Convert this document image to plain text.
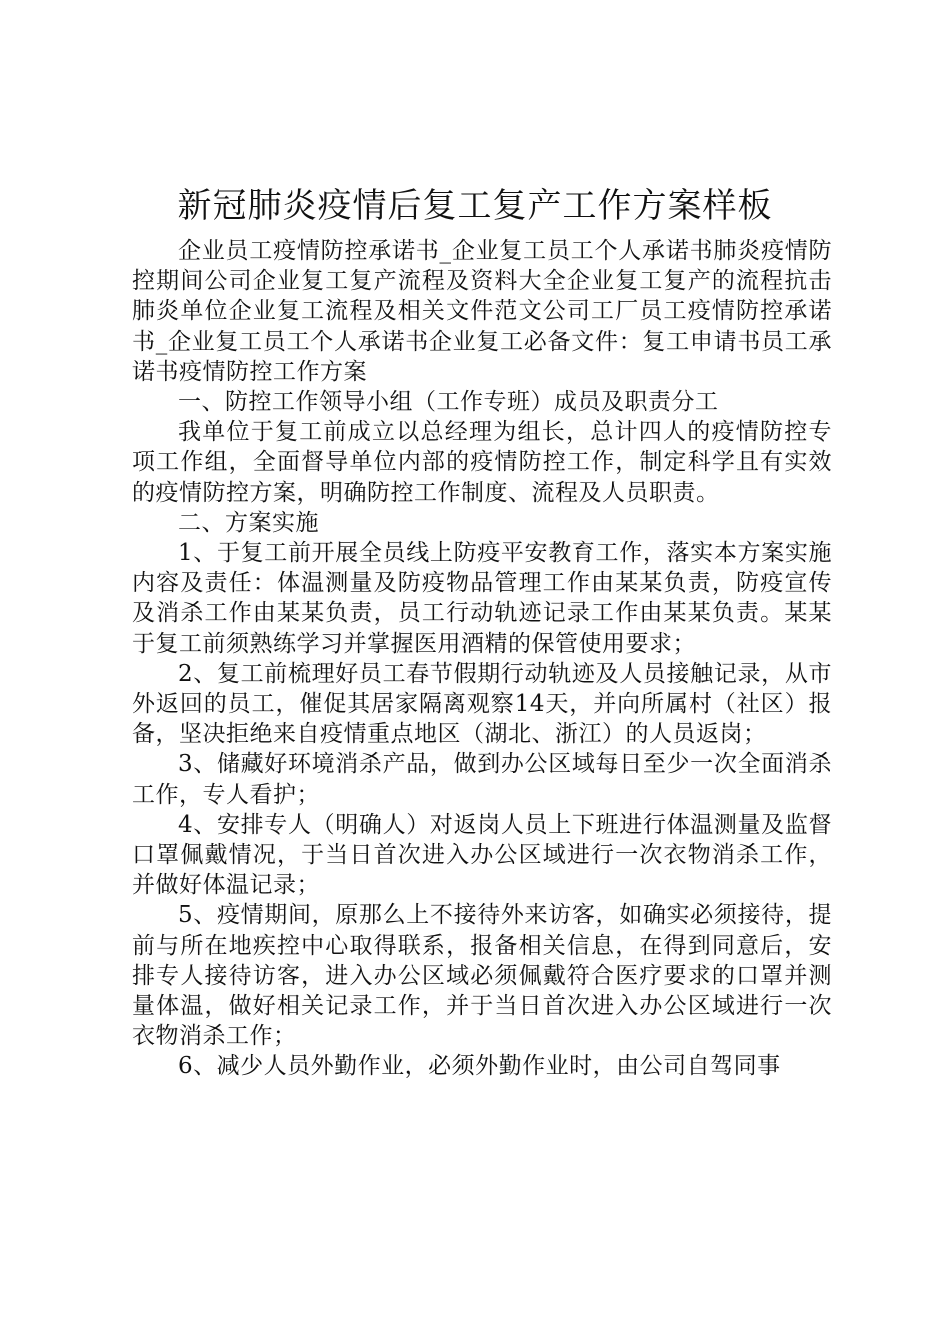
新冠肺炎疫情后复工复产工作方案样板

企业员工疫情防控承诺书_企业复工员工个人承诺书肺炎疫情防控期间公司企业复工复产流程及资料大全企业复工复产的流程抗击肺炎单位企业复工流程及相关文件范文公司工厂员工疫情防控承诺书_企业复工员工个人承诺书企业复工必备文件：复工申请书员工承诺书疫情防控工作方案

一、防控工作领导小组（工作专班）成员及职责分工

我单位于复工前成立以总经理为组长，总计四人的疫情防控专项工作组，全面督导单位内部的疫情防控工作，制定科学且有实效的疫情防控方案，明确防控工作制度、流程及人员职责。

二、方案实施

1、于复工前开展全员线上防疫平安教育工作，落实本方案实施内容及责任：体温测量及防疫物品管理工作由某某负责，防疫宣传及消杀工作由某某负责，员工行动轨迹记录工作由某某负责。某某于复工前须熟练学习并掌握医用酒精的保管使用要求；

2、复工前梳理好员工春节假期行动轨迹及人员接触记录，从市外返回的员工，催促其居家隔离观察14天，并向所属村（社区）报备，坚决拒绝来自疫情重点地区（湖北、浙江）的人员返岗；

3、储藏好环境消杀产品，做到办公区域每日至少一次全面消杀工作，专人看护；

4、安排专人（明确人）对返岗人员上下班进行体温测量及监督口罩佩戴情况，于当日首次进入办公区域进行一次衣物消杀工作，并做好体温记录；

5、疫情期间，原那么上不接待外来访客，如确实必须接待，提前与所在地疾控中心取得联系，报备相关信息，在得到同意后，安排专人接待访客，进入办公区域必须佩戴符合医疗要求的口罩并测量体温，做好相关记录工作，并于当日首次进入办公区域进行一次衣物消杀工作；

6、减少人员外勤作业，必须外勤作业时，由公司自驾同事
